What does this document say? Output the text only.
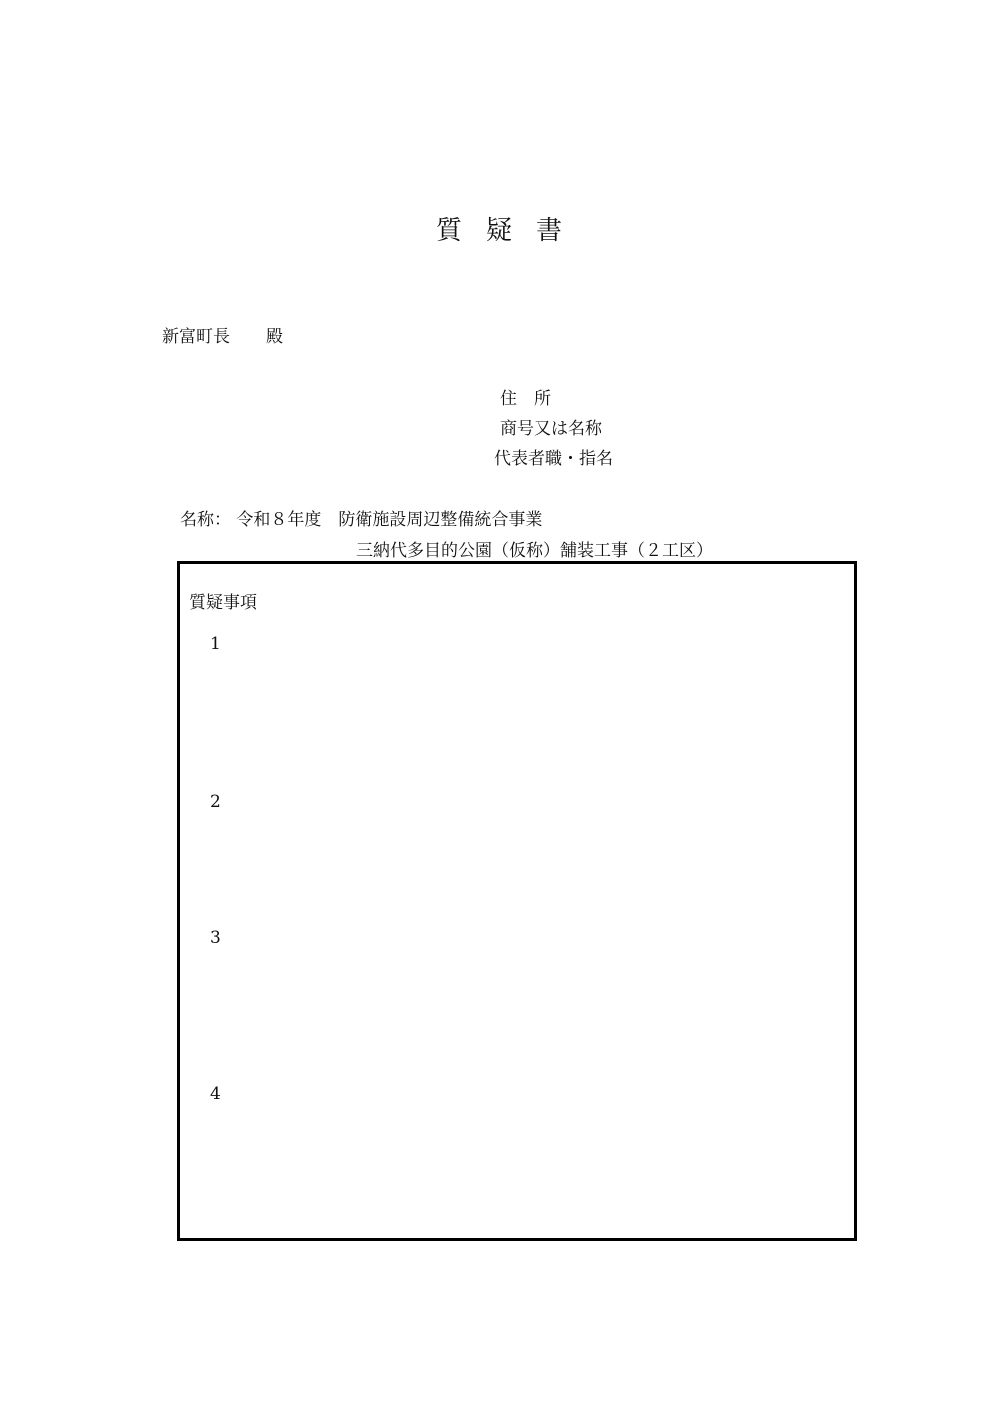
質 疑 書
新富町長 殿
住　所
商号又は名称
代表者職・指名
名称： 令和８年度　防衛施設周辺整備統合事業
三納代多目的公園（仮称）舗装工事（２工区）
質疑事項
1
2
3
4
